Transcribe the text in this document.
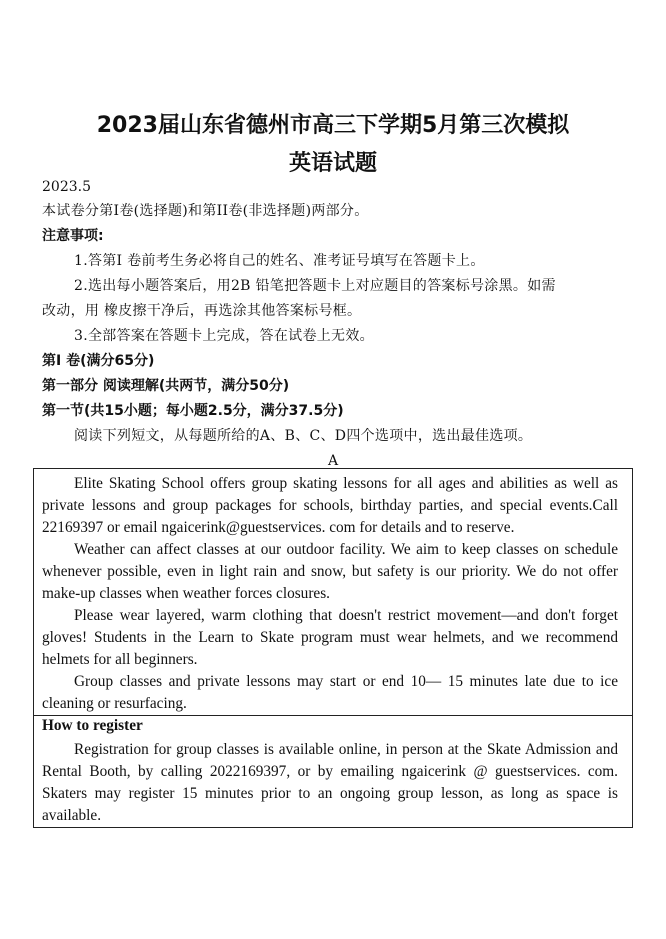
2023届山东省德州市高三下学期5月第三次模拟
英语试题
2023.5
本试卷分第I卷(选择题)和第II卷(非选择题)两部分。
注意事项:
1.答第Ⅰ 卷前考生务必将自己的姓名、准考证号填写在答题卡上。
2.选出每小题答案后，用2B 铅笔把答题卡上对应题目的答案标号涂黑。如需
改动，用 橡皮擦干净后，再选涂其他答案标号框。
3.全部答案在答题卡上完成，答在试卷上无效。
第Ⅰ 卷(满分65分)
第一部分 阅读理解(共两节，满分50分)
第一节(共15小题；每小题2.5分，满分37.5分)
阅读下列短文，从每题所给的A、B、C、D四个选项中，选出最佳选项。
A
Elite Skating School offers group skating lessons for all ages and abilities as well as private lessons and group packages for schools, birthday parties, and special events.Call 22169397 or email ngaicerink@guestservices. com for details and to reserve.
Weather can affect classes at our outdoor facility. We aim to keep classes on schedule whenever possible, even in light rain and snow, but safety is our priority. We do not offer make-up classes when weather forces closures.
Please wear layered, warm clothing that doesn't restrict movement—and don't forget gloves! Students in the Learn to Skate program must wear helmets, and we recommend helmets for all beginners.
Group classes and private lessons may start or end 10— 15 minutes late due to ice cleaning or resurfacing.
How to register
Registration for group classes is available online, in person at the Skate Admission and Rental Booth, by calling 2022169397, or by emailing ngaicerink @ guestservices. com. Skaters may register 15 minutes prior to an ongoing group lesson, as long as space is available.
